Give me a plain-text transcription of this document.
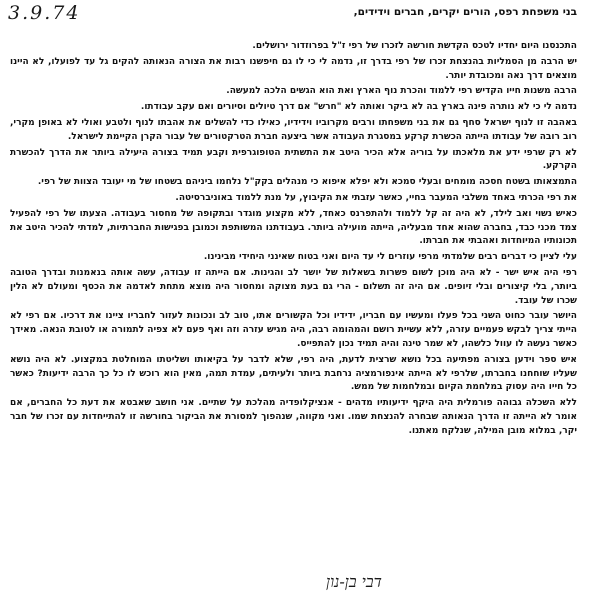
3.9.74	בני משפחת רפס, הורים יקרים, חברים וידידים,

התכנסנו היום יחדיו לטכס הקדשת חורשה לזכרו של רפי ז"ל בפרוזדור ירושלים.

יש הרבה מן הסמליות בהנצחת זכרו של רפי בדרך זו, נדמה לי כי לו גם חיפשנו רבות את הצורה הנאותה להקים גל עד לפועלו, לא היינו מוצאים דרך נאה ומכובדת יותר.

הרבה משנות חייו הקדיש רפי ללמוד והכרת נוף הארץ ואת הוא הגשים הלכה למעשה.

נדמה לי כי לא נותרה פינה בארץ בה לא ביקר ואותה לא "חרש" אם דרך טיולים וסיורים ואם עקב עבודתו.

באהבה זו לנוף ישראל סחף גם את בני משפחתו ורבים מקרוביו וידידיו, כאילו כדי להשלים את אהבתו לנוף ולטבע ואולי לא באופן מקרי, רוב רובה של עבודתו הייתה הכשרת קרקע במסגרת העבודה אשר ביצעה חברת הטרקטורים של עבור הקרן הקיימת לישראל.

לא רק שרפי ידע את מלאכתו על בוריה אלא הכיר היטב את התשתית הטופוגרפית וקבע תמיד בצורה היעילה ביותר את הדרך להכשרת הקרקע.

התמצאותו בשטח חסכה מומחים ובעלי סמכא ולא יפלא איפוא כי מנהלים בקק"ל נלחמו ביניהם בשטחו של מי יעובד הצוות של רפי.

את רפי הכרתי באחד משלבי המעבר בחיי, כאשר עזבתי את הקיבוץ, על מנת ללמוד באוניברסיטה.

כאיש נשוי ואב לילד, לא היה זה קל ללמוד ולהתפרנס כאחד, ללא מקצוע מוגדר ובתקופה של מחסור בעבודה. הצעתו של רפי להפעיל צמד מכני כבד, בחברה שהוא אחד מבעליה, הייתה מועילה ביותר. בעבודתנו המשותפת וכמובן בפגישות החברתיות, למדתי להכיר היטב את תכונותיו המיוחדות ואהבתי את חברתו.

עלי לציין כי דברים רבים שלמדתי מרפי עוזרים לי עד היום ואני בטוח שאינני היחידי מבינינו.

רפי היה איש ישר - לא היה מוכן לשום פשרות בשאלות של יושר לב והגינות. אם הייתה זו עבודה, עשה אותה בנאמנות ובדרך הטובה ביותר, בלי קיצורים ובלי זיופים. אם היה זה תשלום - הרי גם בעת מצוקה ומחסור היה מוצא מתחת לאדמה את הכסף ומעולם לא הלין שכרו של עובד.

היושר עובר כחוט השני בכל פעלו ומעשיו עם חבריו, ידידיו וכל הקשורים אתו, טוב לב ונכונות לעזור לחבריו ציינו את דרכיו. אם רפי לא הייתי צריך לבקש פעמיים עזרה, ללא עשיית רושם והמהומה רבה, היה מגיש עזרה וזה ואף פעם לא צפיה לתמורה או לטובת הנאה. מאידך כאשר נעשה לו עוול כלשהו, לא שמר טינה והיה תמיד נכון להתפייס.

איש ספר וידען בצורה מפתיעה בכל נושא שרצית לדעת, היה רפי, שלא לדבר על בקיאותו ושליטתו המוחלטת במקצוע. לא היה נושא שעליו שוחחנו בחברתו, שלרפי לא הייתה אינפורמציה נרחבת ביותר ולעיתים, עמדת תמה, מאין הוא רוכש לו כל כך הרבה ידיעות? כאשר כל חייו היה עסוק במלחמת הקיום ובמלחמות של ממש.

ללא השכלה גבוהה פורמלית היה היקף ידיעותיו מדהים - אנציקלופדיה מהלכת על שתיים. אני חושב שאבטא את דעת כל החברים, אם אומר לא הייתה זו הדרך הנאותה שבחרה להנצחת שמו. ואני מקווה, שנהפוך למסורת את הביקור בחורשה זו להתייחדות עם זכרו של חבר יקר, במלוא מובן המילה, שנלקח מאתנו.

דבי בן-נון
